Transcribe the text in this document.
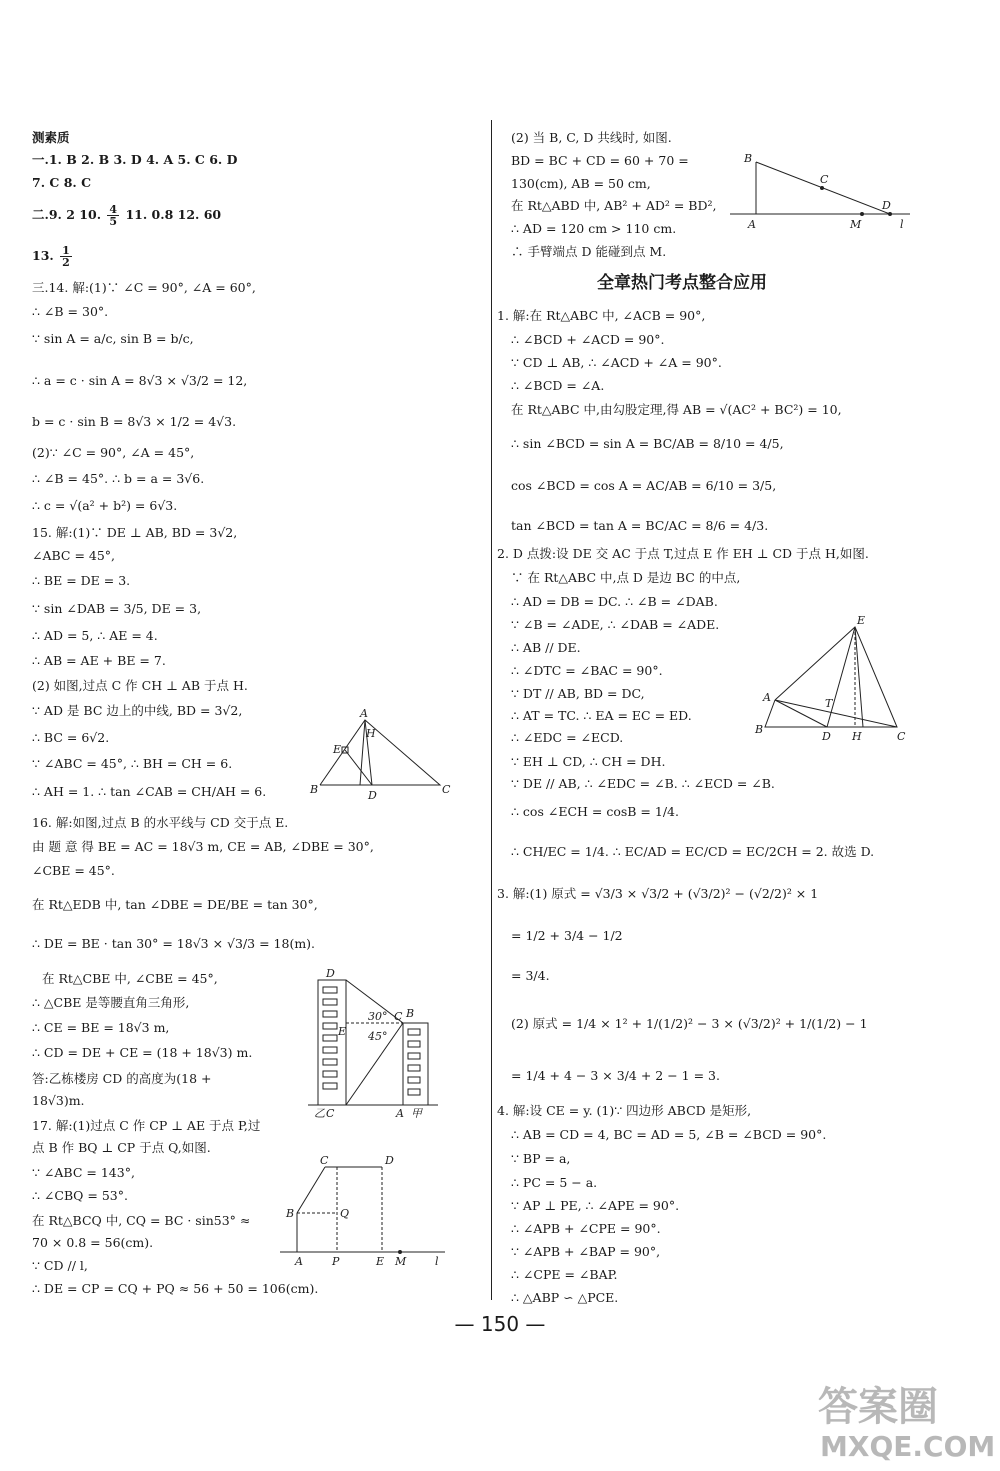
测素质
一.1. B 2. B 3. D 4. A 5. C 6. D
7. C 8. C
二.9. 2 10. $\frac{4}{5} 11$. 0.8 12. 60
13. $\frac{1}{2}$
三.14. 解:(1)∵ ∠C = 90°, ∠A = 60°,
∴ ∠B = 30°.
∵ sin A = a/c, sin B = b/c,
∴ a = c · sin A = 8√3 × √3/2 = 12,
b = c · sin B = 8√3 × 1/2 = 4√3.
(2)∵ ∠C = 90°, ∠A = 45°,
∴ ∠B = 45°. ∴ b = a = 3√6.
∴ c = √(a² + b²) = 6√3.
15. 解:(1)∵ DE ⊥ AB, BD = 3√2,
∠ABC = 45°,
∴ BE = DE = 3.
∵ sin ∠DAB = 3/5, DE = 3,
∴ AD = 5, ∴ AE = 4.
∴ AB = AE + BE = 7.
(2) 如图,过点 C 作 CH ⊥ AB 于点 H.
∵ AD 是 BC 边上的中线, BD = 3√2,
∴ BC = 6√2.
∵ ∠ABC = 45°, ∴ BH = CH = 6.
∴ AH = 1. ∴ tan ∠CAB = CH/AH = 6.
16. 解:如图,过点 B 的水平线与 CD 交于点 E.
由 题 意 得 BE = AC = 18√3 m, CE = AB, ∠DBE = 30°,
∠CBE = 45°.
在 Rt△EDB 中, tan ∠DBE = DE/BE = tan 30°,
∴ DE = BE · tan 30° = 18√3 × √3/3 = 18(m).
在 Rt△CBE 中, ∠CBE = 45°,
∴ △CBE 是等腰直角三角形,
∴ CE = BE = 18√3 m,
∴ CD = DE + CE = (18 + 18√3) m.
答:乙栋楼房 CD 的高度为(18 +
18√3)m.
17. 解:(1)过点 C 作 CP ⊥ AE 于点 P,过
点 B 作 BQ ⊥ CP 于点 Q,如图.
∵ ∠ABC = 143°,
∴ ∠CBQ = 53°.
在 Rt△BCQ 中, CQ = BC · sin53° ≈
70 × 0.8 = 56(cm).
∵ CD // l,
∴ DE = CP = CQ + PQ ≈ 56 + 50 = 106(cm).
B
A
H
E
D	C
D
E
30°
45°
C B
乙 C	A 甲
C	D
B	Q
A	P	E M	l
(2) 当 B, C, D 共线时, 如图.
BD = BC + CD = 60 + 70 =
130(cm), AB = 50 cm,
在 Rt△ABD 中, AB² + AD² = BD²,
∴ AD = 120 cm > 110 cm.
∴ 手臂端点 D 能碰到点 M.
全章热门考点整合应用
1. 解:在 Rt△ABC 中, ∠ACB = 90°,
∴ ∠BCD + ∠ACD = 90°.
∵ CD ⊥ AB, ∴ ∠ACD + ∠A = 90°.
∴ ∠BCD = ∠A.
在 Rt△ABC 中,由勾股定理,得 AB = √(AC² + BC²) = 10,
∴ sin ∠BCD = sin A = BC/AB = 8/10 = 4/5,
cos ∠BCD = cos A = AC/AB = 6/10 = 3/5,
tan ∠BCD = tan A = BC/AC = 8/6 = 4/3.
2. D 点拨:设 DE 交 AC 于点 T,过点 E 作 EH ⊥ CD 于点 H,如图.
∵ 在 Rt△ABC 中,点 D 是边 BC 的中点,
∴ AD = DB = DC. ∴ ∠B = ∠DAB.
∵ ∠B = ∠ADE, ∴ ∠DAB = ∠ADE.
∴ AB // DE.
∴ ∠DTC = ∠BAC = 90°.
∵ DT // AB, BD = DC,
∴ AT = TC. ∴ EA = EC = ED.
∴ ∠EDC = ∠ECD.
∵ EH ⊥ CD, ∴ CH = DH.
∵ DE // AB, ∴ ∠EDC = ∠B. ∴ ∠ECD = ∠B.
∴ cos ∠ECH = cosB = 1/4.
∴ CH/EC = 1/4. ∴ EC/AD = EC/CD = EC/2CH = 2. 故选 D.
3. 解:(1) 原式 = √3/3 × √3/2 + (√3/2)² − (√2/2)² × 1
= 1/2 + 3/4 − 1/2
= 3/4.
(2) 原式 = 1/4 × 1² + 1/(1/2)² − 3 × (√3/2)² + 1/(1/2) − 1
= 1/4 + 4 − 3 × 3/4 + 2 − 1 = 3.
4. 解:设 CE = y. (1)∵ 四边形 ABCD 是矩形,
∴ AB = CD = 4, BC = AD = 5, ∠B = ∠BCD = 90°.
∵ BP = a,
∴ PC = 5 − a.
∵ AP ⊥ PE, ∴ ∠APE = 90°.
∴ ∠APB + ∠CPE = 90°.
∵ ∠APB + ∠BAP = 90°,
∴ ∠CPE = ∠BAP.
∴ △ABP ∽ △PCE.
B
C
D
A	M	l
E
A	T
B
D H	C
— 150 —
答案圈
MXQE.COM
